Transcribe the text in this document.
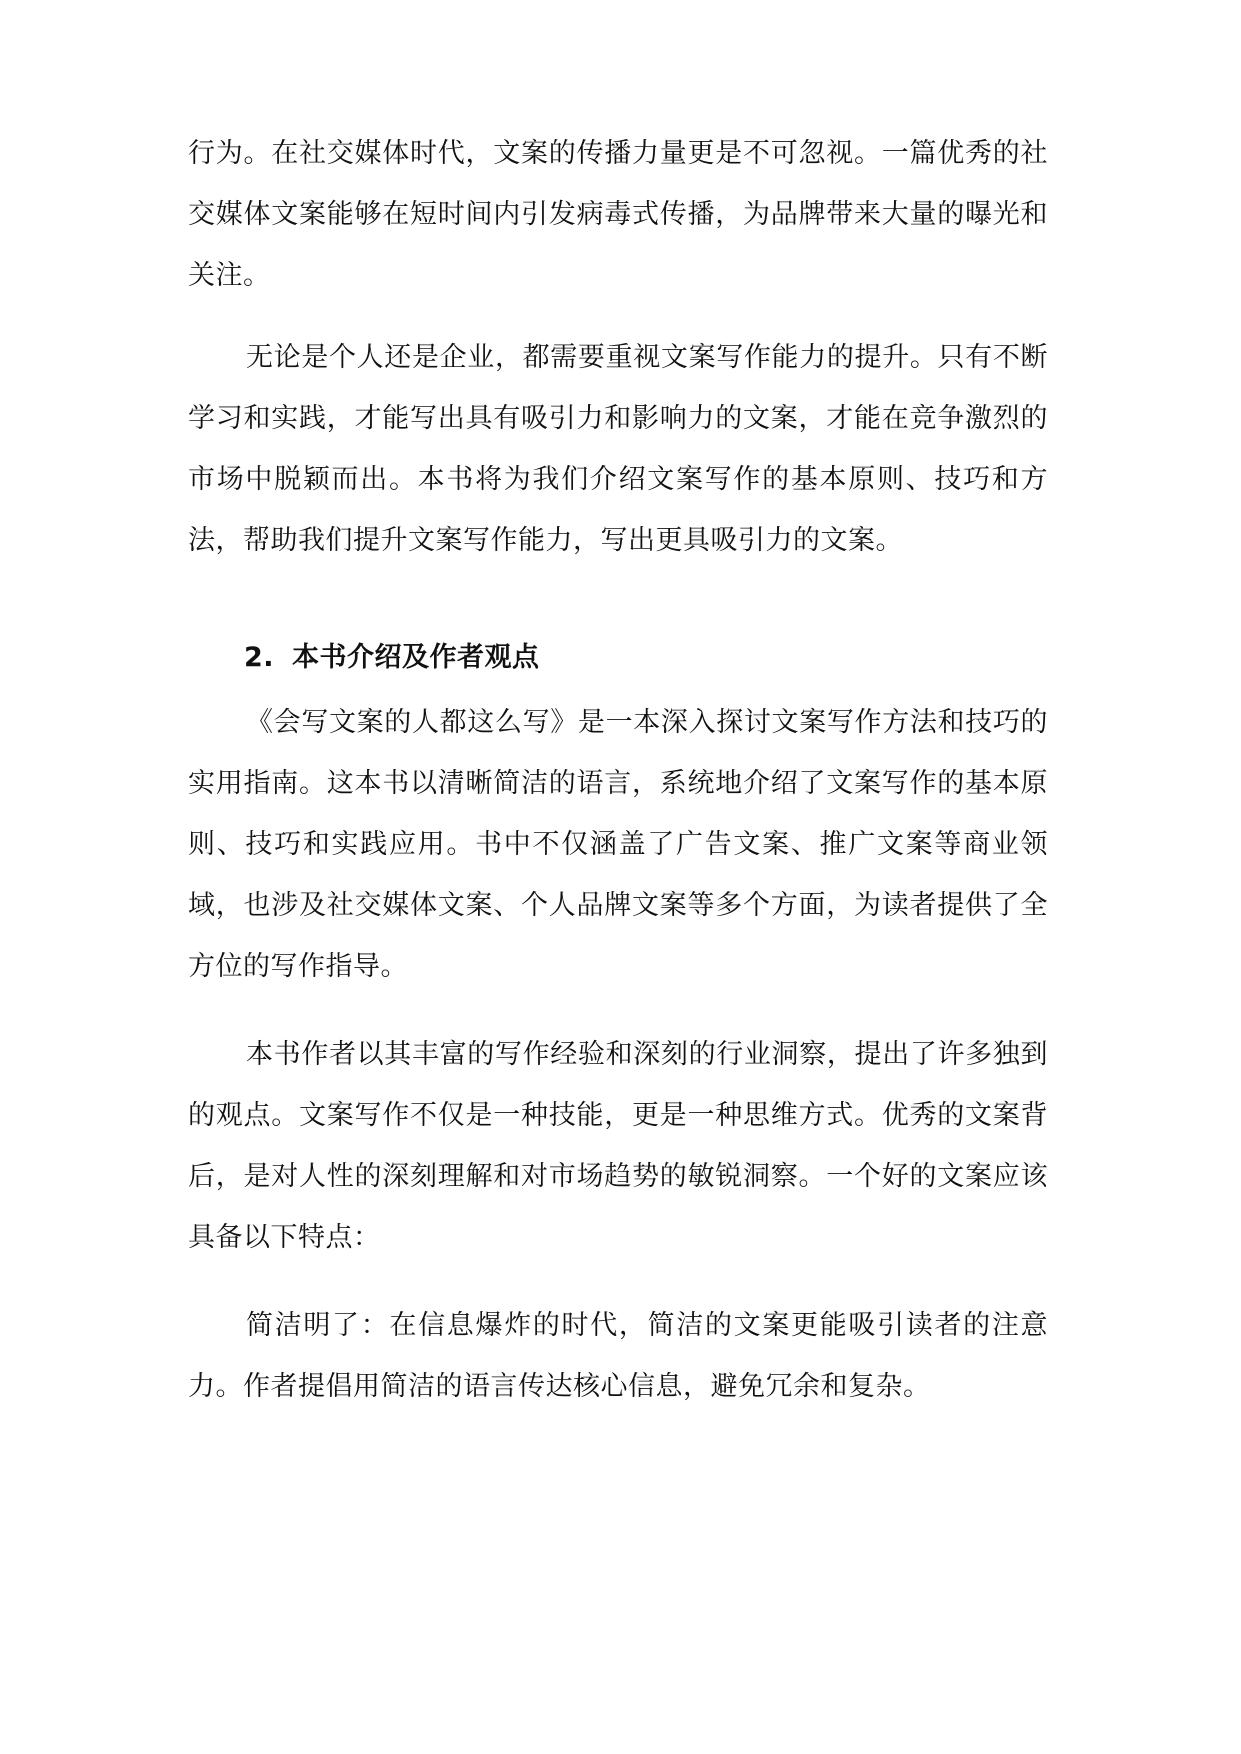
行为。在社交媒体时代，文案的传播力量更是不可忽视。一篇优秀的社交媒体文案能够在短时间内引发病毒式传播，为品牌带来大量的曝光和关注。

无论是个人还是企业，都需要重视文案写作能力的提升。只有不断学习和实践，才能写出具有吸引力和影响力的文案，才能在竞争激烈的市场中脱颖而出。本书将为我们介绍文案写作的基本原则、技巧和方法，帮助我们提升文案写作能力，写出更具吸引力的文案。

2. 本书介绍及作者观点

《会写文案的人都这么写》是一本深入探讨文案写作方法和技巧的实用指南。这本书以清晰简洁的语言，系统地介绍了文案写作的基本原则、技巧和实践应用。书中不仅涵盖了广告文案、推广文案等商业领域，也涉及社交媒体文案、个人品牌文案等多个方面，为读者提供了全方位的写作指导。

本书作者以其丰富的写作经验和深刻的行业洞察，提出了许多独到的观点。文案写作不仅是一种技能，更是一种思维方式。优秀的文案背后，是对人性的深刻理解和对市场趋势的敏锐洞察。一个好的文案应该具备以下特点：

简洁明了：在信息爆炸的时代，简洁的文案更能吸引读者的注意力。作者提倡用简洁的语言传达核心信息，避免冗余和复杂。
